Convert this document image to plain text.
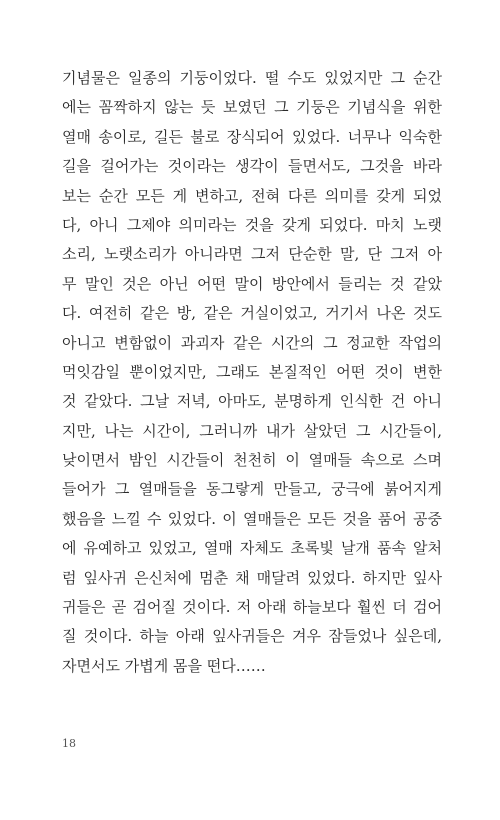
기념물은 일종의 기둥이었다. 떨 수도 있었지만 그 순간
에는 꼼짝하지 않는 듯 보였던 그 기둥은 기념식을 위한
열매 송이로, 길든 불로 장식되어 있었다. 너무나 익숙한
길을 걸어가는 것이라는 생각이 들면서도, 그것을 바라
보는 순간 모든 게 변하고, 전혀 다른 의미를 갖게 되었
다, 아니 그제야 의미라는 것을 갖게 되었다. 마치 노랫
소리, 노랫소리가 아니라면 그저 단순한 말, 단 그저 아
무 말인 것은 아닌 어떤 말이 방안에서 들리는 것 같았
다. 여전히 같은 방, 같은 거실이었고, 거기서 나온 것도
아니고 변함없이 과괴자 같은 시간의 그 정교한 작업의
먹잇감일 뿐이었지만, 그래도 본질적인 어떤 것이 변한
것 같았다. 그날 저녁, 아마도, 분명하게 인식한 건 아니
지만, 나는 시간이, 그러니까 내가 살았던 그 시간들이,
낮이면서 밤인 시간들이 천천히 이 열매들 속으로 스며
들어가 그 열매들을 동그랗게 만들고, 궁극에 붉어지게
했음을 느낄 수 있었다. 이 열매들은 모든 것을 품어 공중
에 유예하고 있었고, 열매 자체도 초록빛 날개 품속 알처
럼 잎사귀 은신처에 멈춘 채 매달려 있었다. 하지만 잎사
귀들은 곧 검어질 것이다. 저 아래 하늘보다 훨씬 더 검어
질 것이다. 하늘 아래 잎사귀들은 겨우 잠들었나 싶은데,
자면서도 가볍게 몸을 떤다……
18
